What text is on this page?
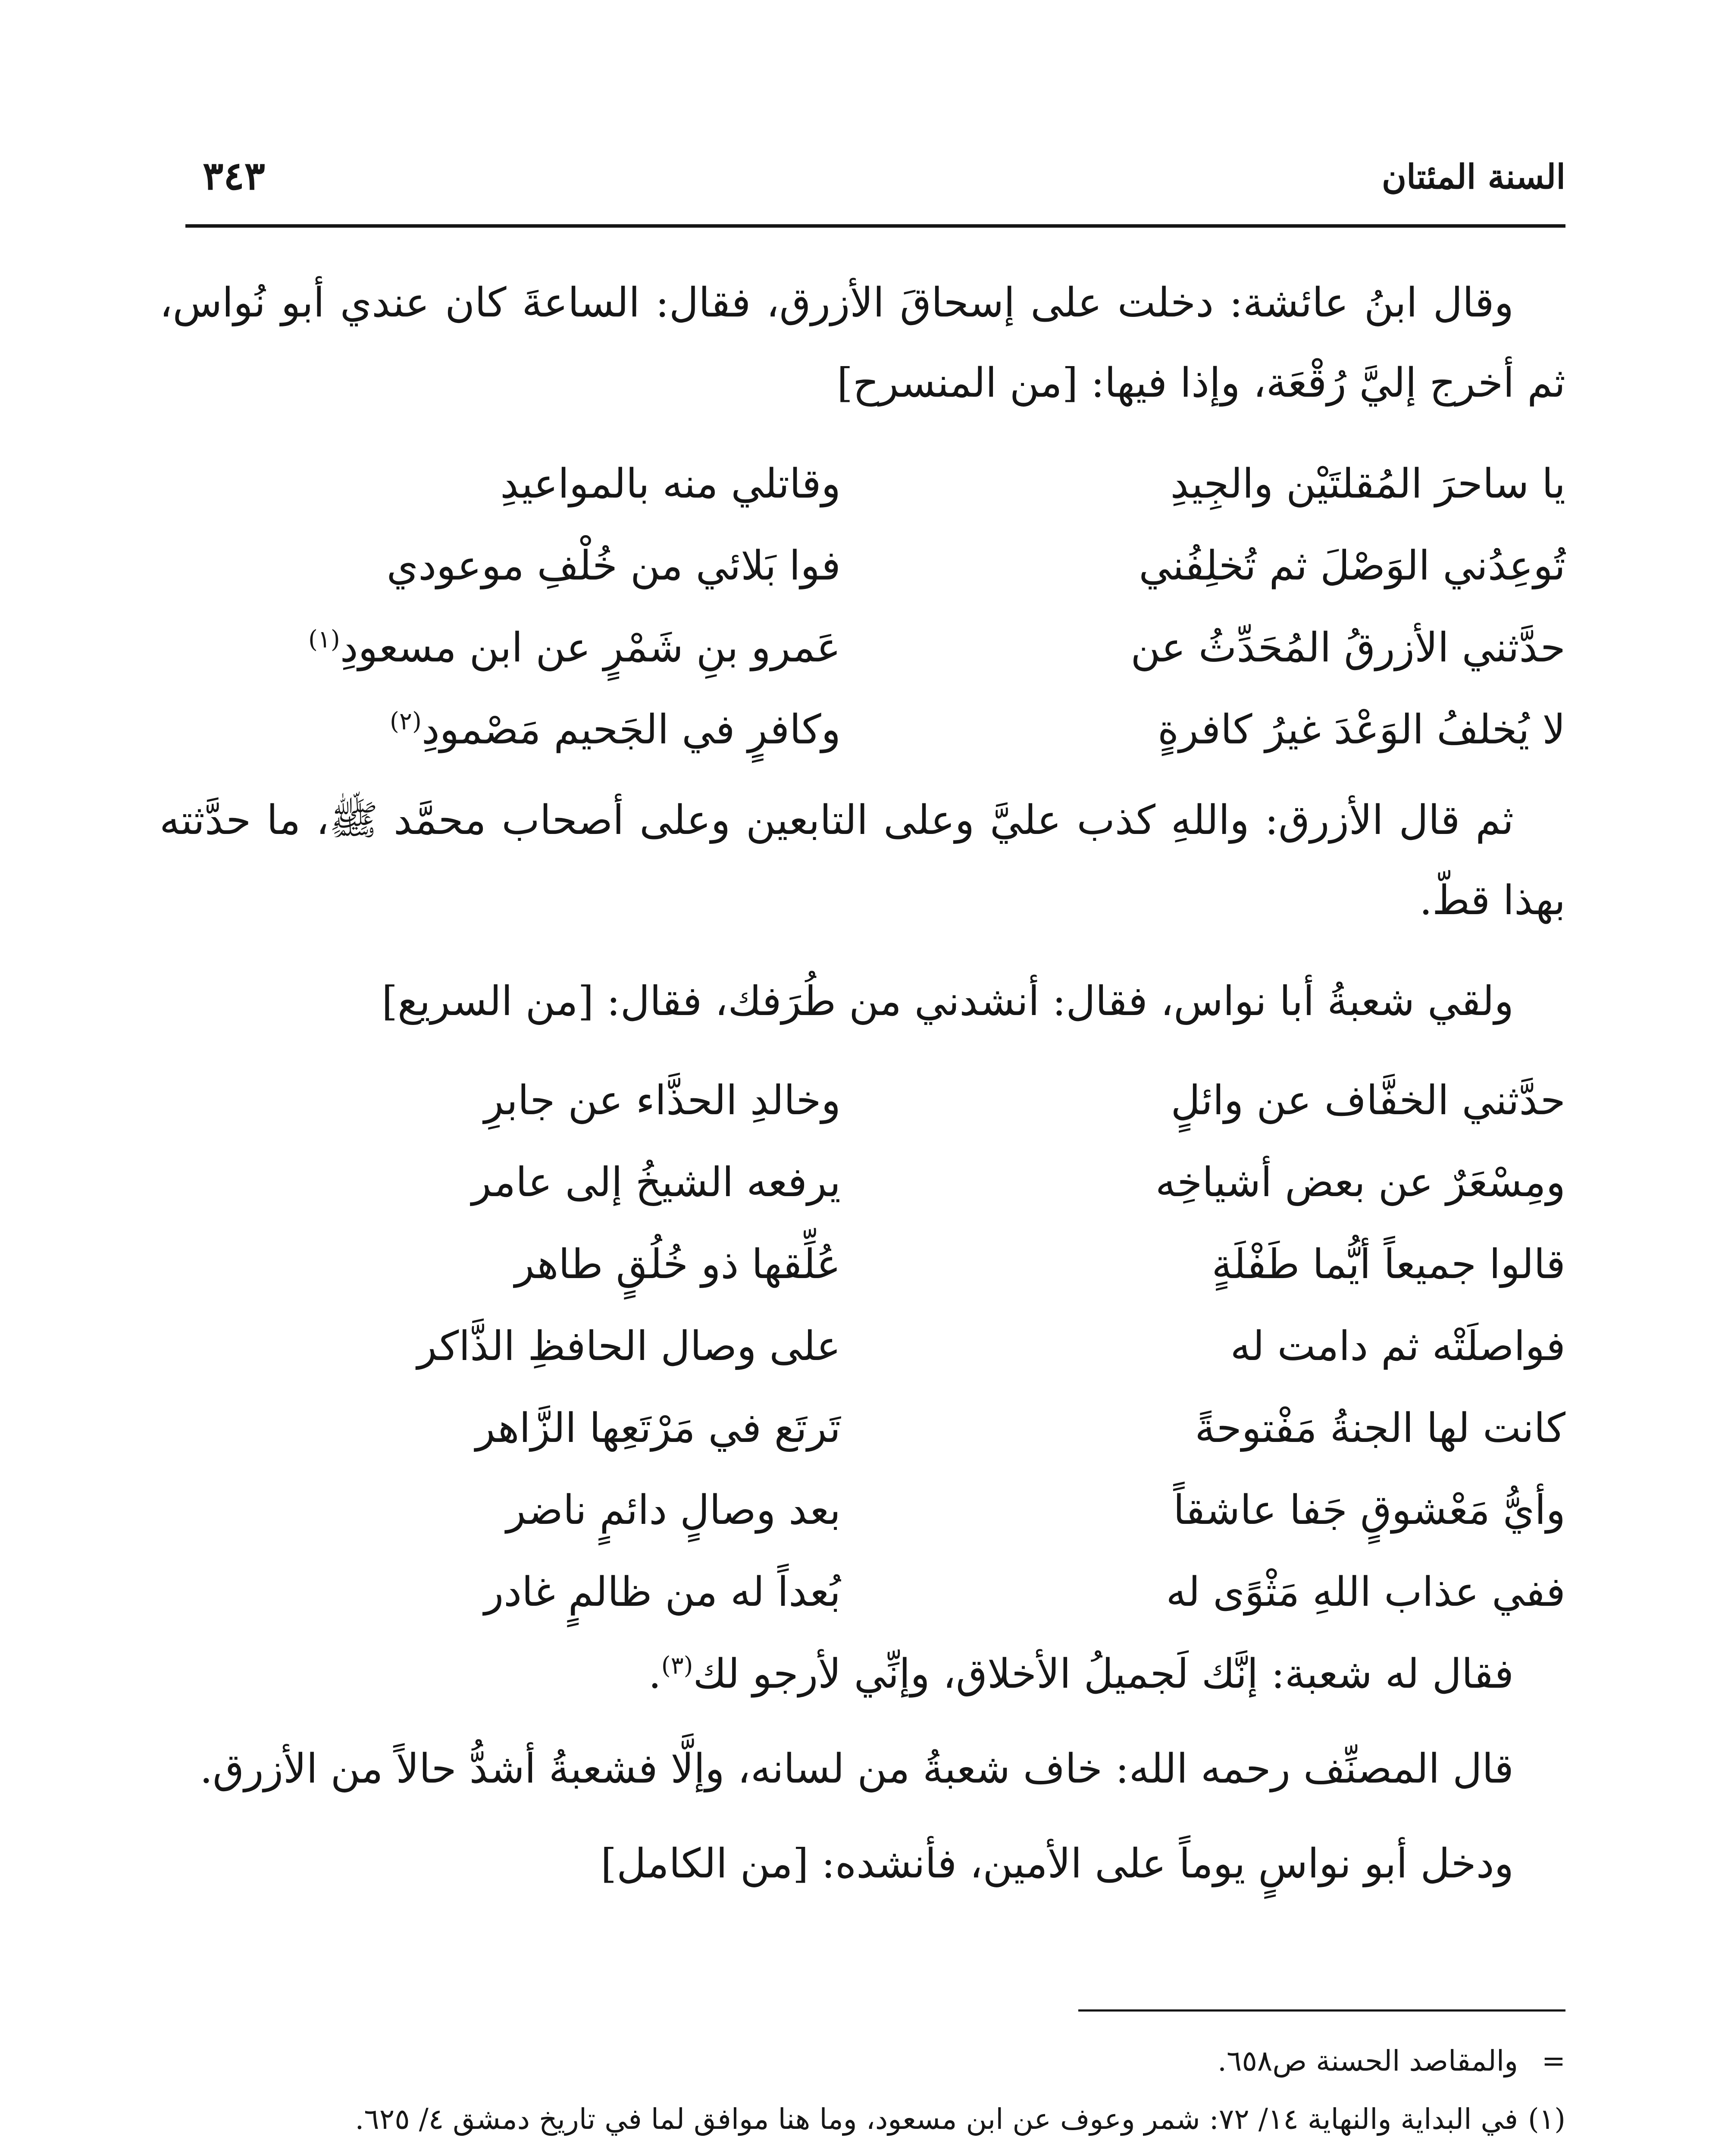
السنة المئتان
٣٤٣
وقال ابنُ عائشة: دخلت على إسحاقَ الأزرق، فقال: الساعةَ كان عندي أبو نُواس، ثم أخرج إليَّ رُقْعَة، وإذا فيها: [من المنسرح]
يا ساحرَ المُقلتَيْن والجِيدِ
وقاتلي منه بالمواعيدِ
تُوعِدُني الوَصْلَ ثم تُخلِفُني
فوا بَلائي من خُلْفِ موعودي
حدَّثني الأزرقُ المُحَدِّثُ عن
عَمرو بنِ شَمْرٍ عن ابن مسعودِ$^{(١)}$
لا يُخلفُ الوَعْدَ غيرُ كافرةٍ
وكافرٍ في الجَحيم مَصْمودِ$^{(٢)}$
ثم قال الأزرق: واللهِ كذب عليَّ وعلى التابعين وعلى أصحاب محمَّد ﷺ، ما حدَّثته بهذا قطّ.
ولقي شعبةُ أبا نواس، فقال: أنشدني من طُرَفك، فقال: [من السريع]
حدَّثني الخفَّاف عن وائلٍ
وخالدِ الحذَّاء عن جابرِ
ومِسْعَرٌ عن بعض أشياخِه
يرفعه الشيخُ إلى عامر
قالوا جميعاً أيُّما طَفْلَةٍ
عُلِّقها ذو خُلُقٍ طاهر
فواصلَتْه ثم دامت له
على وصال الحافظِ الذَّاكر
كانت لها الجنةُ مَفْتوحةً
تَرتَع في مَرْتَعِها الزَّاهر
وأيُّ مَعْشوقٍ جَفا عاشقاً
بعد وصالٍ دائمٍ ناضر
ففي عذاب اللهِ مَثْوًى له
بُعداً له من ظالمٍ غادر
فقال له شعبة: إنَّك لَجميلُ الأخلاق، وإنِّي لأرجو لك$^{(٣)}$.
قال المصنِّف رحمه الله: خاف شعبةُ من لسانه، وإلَّا فشعبةُ أشدُّ حالاً من الأزرق.
ودخل أبو نواسٍ يوماً على الأمين، فأنشده: [من الكامل]
=والمقاصد الحسنة ص٦٥٨.
(١)في البداية والنهاية ١٤/ ٧٢: شمر وعوف عن ابن مسعود، وما هنا موافق لما في تاريخ دمشق ٤/ ٦٢٥.
